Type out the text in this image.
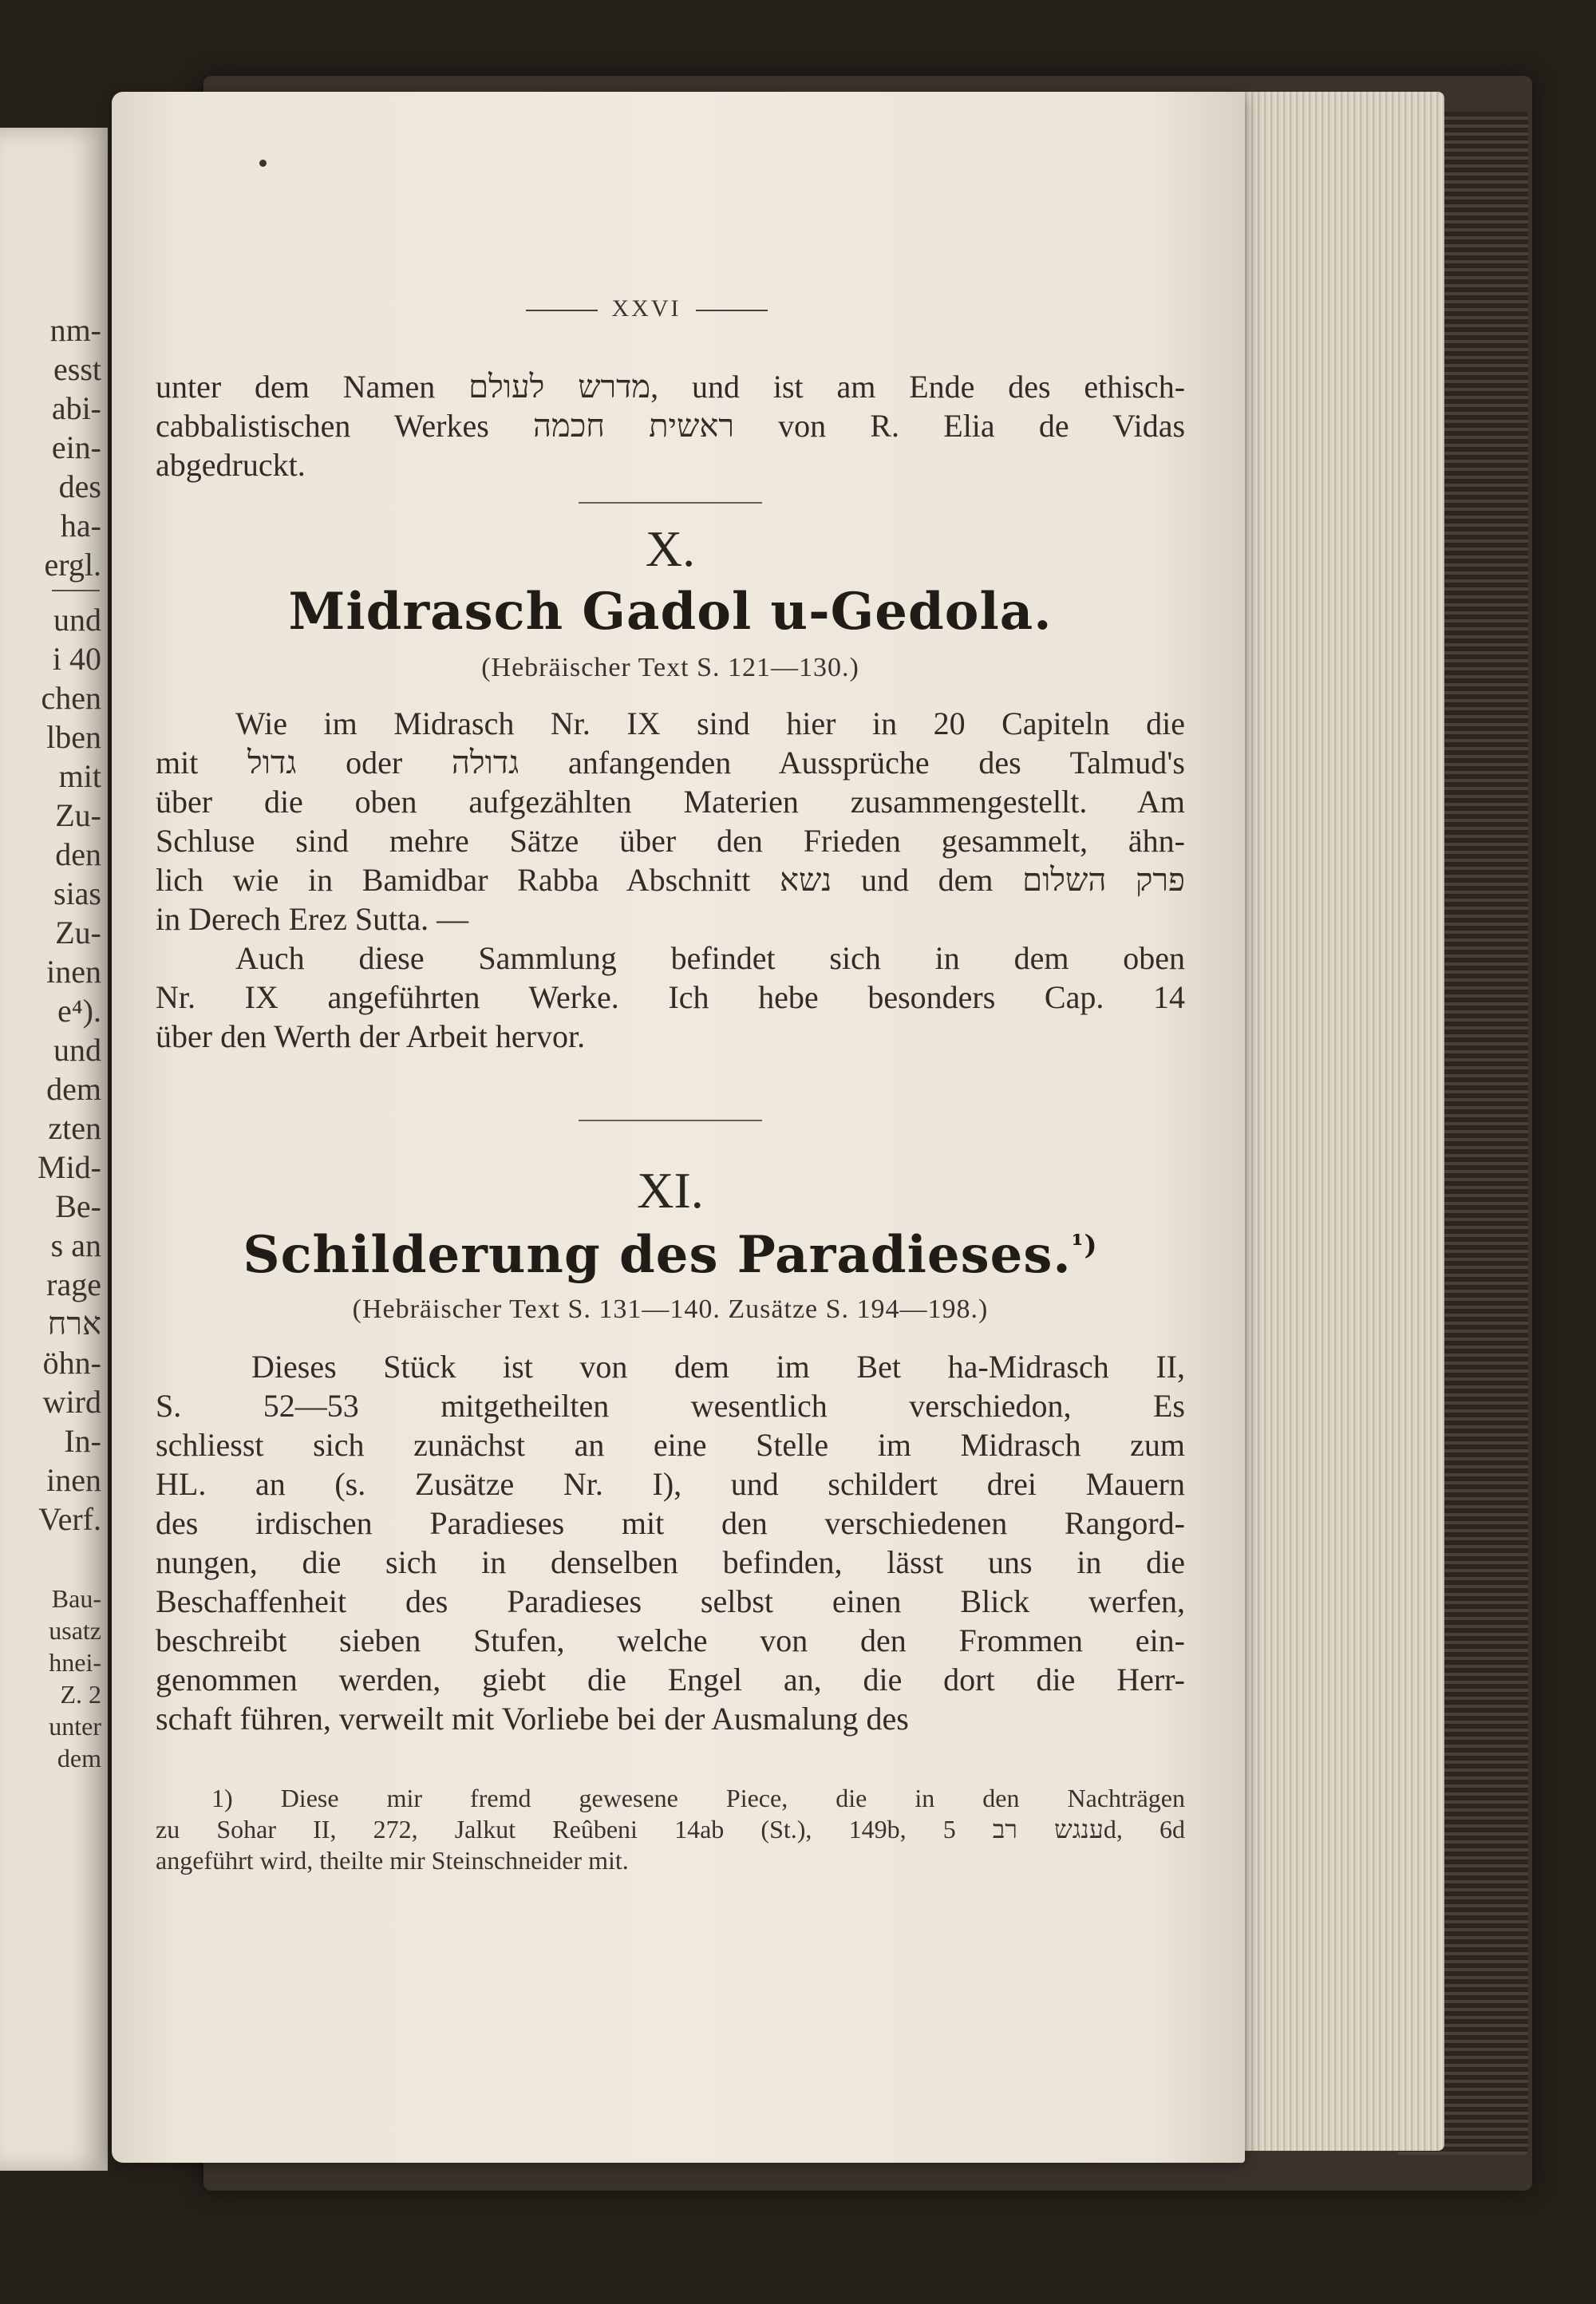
nm-
esst
abi-
ein-
des
ha-
ergl.
und
i 40
chen
lben
mit
Zu-
den
sias
Zu-
inen
e⁴).
und
dem
zten
Mid-
Be-
s an
rage
ארח
öhn-
wird
In-
inen
Verf.
Bau-
usatz
hnei-
Z. 2
unter
dem
XXVI
unter dem Namen מדרש לעולם, und ist am Ende des ethisch-
cabbalistischen Werkes ראשית חכמה von R. Elia de Vidas
abgedruckt.

X.

Midrasch Gadol u-Gedola.

(Hebräischer Text S. 121—130.)

Wie im Midrasch Nr. IX sind hier in 20 Capiteln die
mit גדול oder גדולה anfangenden Aussprüche des Talmud's
über die oben aufgezählten Materien zusammengestellt. Am
Schluse sind mehre Sätze über den Frieden gesammelt, ähn-
lich wie in Bamidbar Rabba Abschnitt נשא und dem פרק השלום
in Derech Erez Sutta. —
Auch diese Sammlung befindet sich in dem oben
Nr. IX angeführten Werke. Ich hebe besonders Cap. 14
über den Werth der Arbeit hervor.

XI.

Schilderung des Paradieses.$^{^1)}$

(Hebräischer Text S. 131—140. Zusätze S. 194—198.)

Dieses Stück ist von dem im Bet ha-Midrasch II,
S. 52—53 mitgetheilten wesentlich verschiedon, Es
schliesst sich zunächst an eine Stelle im Midrasch zum
HL. an (s. Zusätze Nr. I), und schildert drei Mauern
des irdischen Paradieses mit den verschiedenen Rangord-
nungen, die sich in denselben befinden, lässt uns in die
Beschaffenheit des Paradieses selbst einen Blick werfen,
beschreibt sieben Stufen, welche von den Frommen ein-
genommen werden, giebt die Engel an, die dort die Herr-
schaft führen, verweilt mit Vorliebe bei der Ausmalung des
1) Diese mir fremd gewesene Piece, die in den Nachträgen
zu Sohar II, 272, Jalkut Reûbeni 14ab (St.), 149b, ענגש רב 5d, 6d
angeführt wird, theilte mir Steinschneider mit.
